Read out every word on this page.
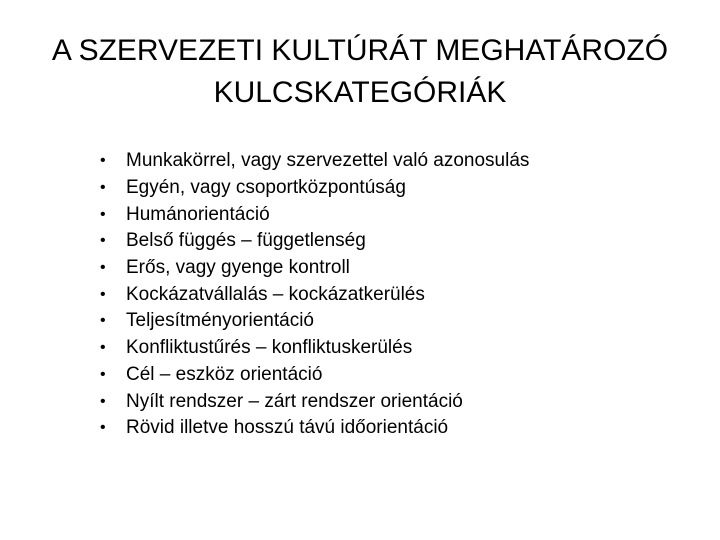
A SZERVEZETI KULTÚRÁT MEGHATÁROZÓ
KULCSKATEGÓRIÁK
•	Munkakörrel, vagy szervezettel való azonosulás
•	Egyén, vagy csoportközpontúság
•	Humánorientáció
•	Belső függés – függetlenség
•	Erős, vagy gyenge kontroll
•	Kockázatvállalás – kockázatkerülés
•	Teljesítményorientáció
•	Konfliktustűrés – konfliktuskerülés
•	Cél – eszköz orientáció
•	Nyílt rendszer – zárt rendszer orientáció
•	Rövid illetve hosszú távú időorientáció
